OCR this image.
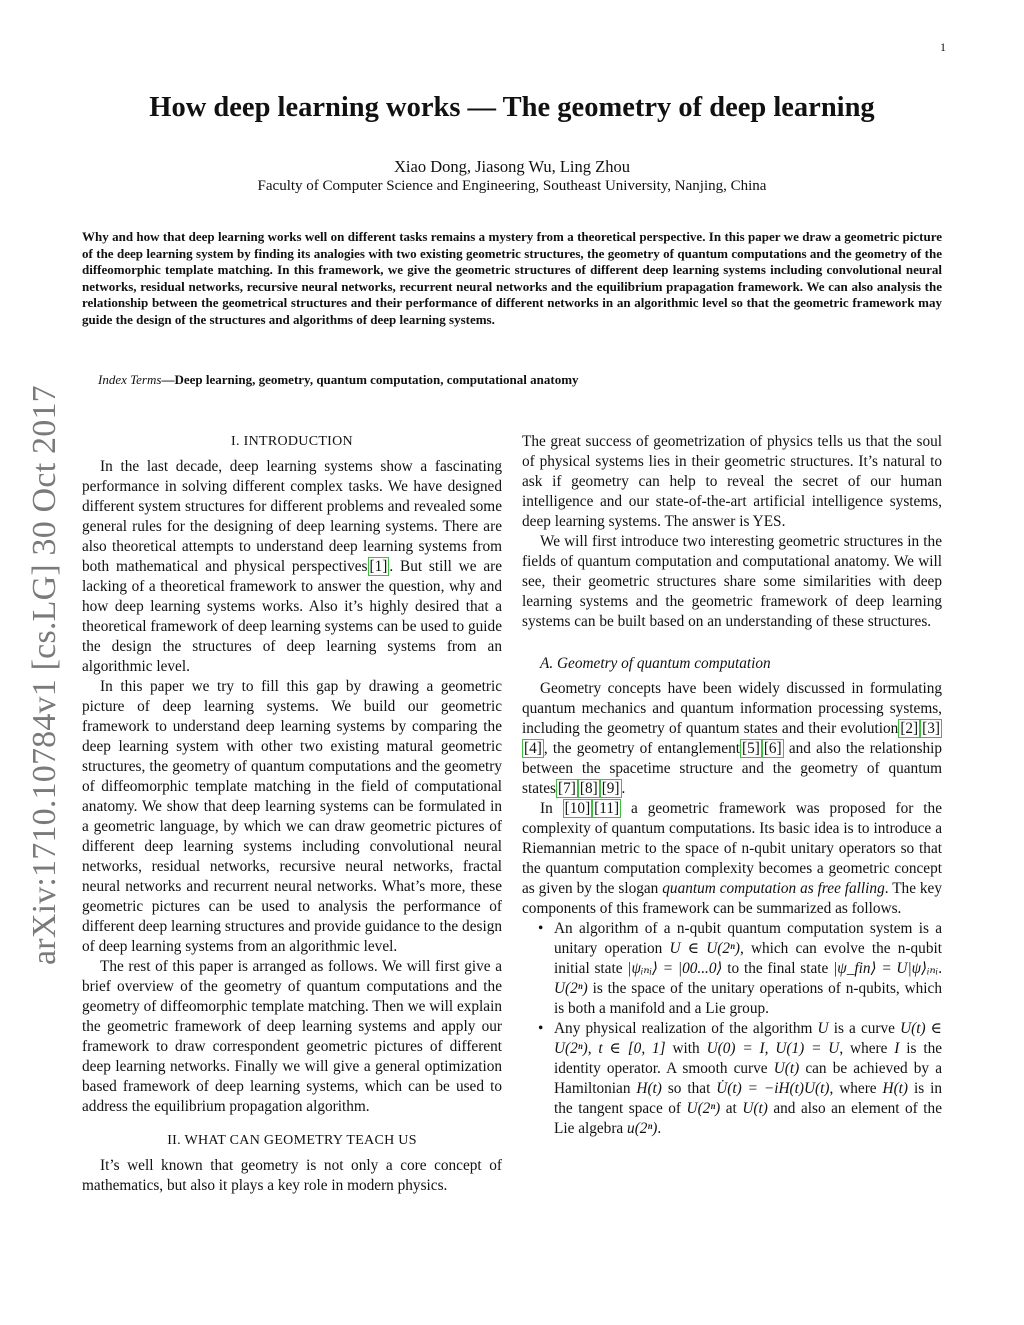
1
arXiv:1710.10784v1 [cs.LG] 30 Oct 2017
How deep learning works — The geometry of deep learning
Xiao Dong, Jiasong Wu, Ling Zhou
Faculty of Computer Science and Engineering, Southeast University, Nanjing, China

Why and how that deep learning works well on different tasks remains a mystery from a theoretical perspective. In this paper we draw a geometric picture of the deep learning system by finding its analogies with two existing geometric structures, the geometry of quantum computations and the geometry of the diffeomorphic template matching. In this framework, we give the geometric structures of different deep learning systems including convolutional neural networks, residual networks, recursive neural networks, recurrent neural networks and the equilibrium prapagation framework. We can also analysis the relationship between the geometrical structures and their performance of different networks in an algorithmic level so that the geometric framework may guide the design of the structures and algorithms of deep learning systems.

Index Terms—Deep learning, geometry, quantum computation, computational anatomy

I. INTRODUCTION

In the last decade, deep learning systems show a fascinating performance in solving different complex tasks. We have designed different system structures for different problems and revealed some general rules for the designing of deep learning systems. There are also theoretical attempts to understand deep learning systems from both mathematical and physical perspectives [1] . But still we are lacking of a theoretical framework to answer the question, why and how deep learning systems works. Also it’s highly desired that a theoretical framework of deep learning systems can be used to guide the design the structures of deep learning systems from an algorithmic level.

In this paper we try to fill this gap by drawing a geometric picture of deep learning systems. We build our geometric framework to understand deep learning systems by comparing the deep learning system with other two existing matural geometric structures, the geometry of quantum computations and the geometry of diffeomorphic template matching in the field of computational anatomy. We show that deep learning systems can be formulated in a geometric language, by which we can draw geometric pictures of different deep learning systems including convolutional neural networks, residual networks, recursive neural networks, fractal neural networks and recurrent neural networks. What’s more, these geometric pictures can be used to analysis the performance of different deep learning structures and provide guidance to the design of deep learning systems from an algorithmic level.

The rest of this paper is arranged as follows. We will first give a brief overview of the geometry of quantum computations and the geometry of diffeomorphic template matching. Then we will explain the geometric framework of deep learning systems and apply our framework to draw correspondent geometric pictures of different deep learning networks. Finally we will give a general optimization based framework of deep learning systems, which can be used to address the equilibrium propagation algorithm.

II. WHAT CAN GEOMETRY TEACH US

It’s well known that geometry is not only a core concept of mathematics, but also it plays a key role in modern physics.

The great success of geometrization of physics tells us that the soul of physical systems lies in their geometric structures. It’s natural to ask if geometry can help to reveal the secret of our human intelligence and our state-of-the-art artificial intelligence systems, deep learning systems. The answer is YES.

We will first introduce two interesting geometric structures in the fields of quantum computation and computational anatomy. We will see, their geometric structures share some similarities with deep learning systems and the geometric framework of deep learning systems can be built based on an understanding of these structures.

A. Geometry of quantum computation

Geometry concepts have been widely discussed in formulating quantum mechanics and quantum information processing systems, including the geometry of quantum states and their evolution [2] [3][4] , the geometry of entanglement [5] [6] and also the relationship between the spacetime structure and the geometry of quantum states [7] [8] [9] .

In [10] [11] a geometric framework was proposed for the complexity of quantum computations. Its basic idea is to introduce a Riemannian metric to the space of n-qubit unitary operators so that the quantum computation complexity becomes a geometric concept as given by the slogan quantum computation as free falling. The key components of this framework can be summarized as follows.

• An algorithm of a n-qubit quantum computation system is a unitary operation U ∈ U(2ⁿ), which can evolve the n-qubit initial state |ψᵢₙᵢ⟩ = |00...0⟩ to the final state |ψ_fin⟩ = U|ψ⟩ᵢₙᵢ. U(2ⁿ) is the space of the unitary operations of n-qubits, which is both a manifold and a Lie group.
• Any physical realization of the algorithm U is a curve U(t) ∈ U(2ⁿ), t ∈ [0, 1] with U(0) = I, U(1) = U, where I is the identity operator. A smooth curve U(t) can be achieved by a Hamiltonian H(t) so that U̇(t) = −iH(t)U(t), where H(t) is in the tangent space of U(2ⁿ) at U(t) and also an element of the Lie algebra u(2ⁿ).
